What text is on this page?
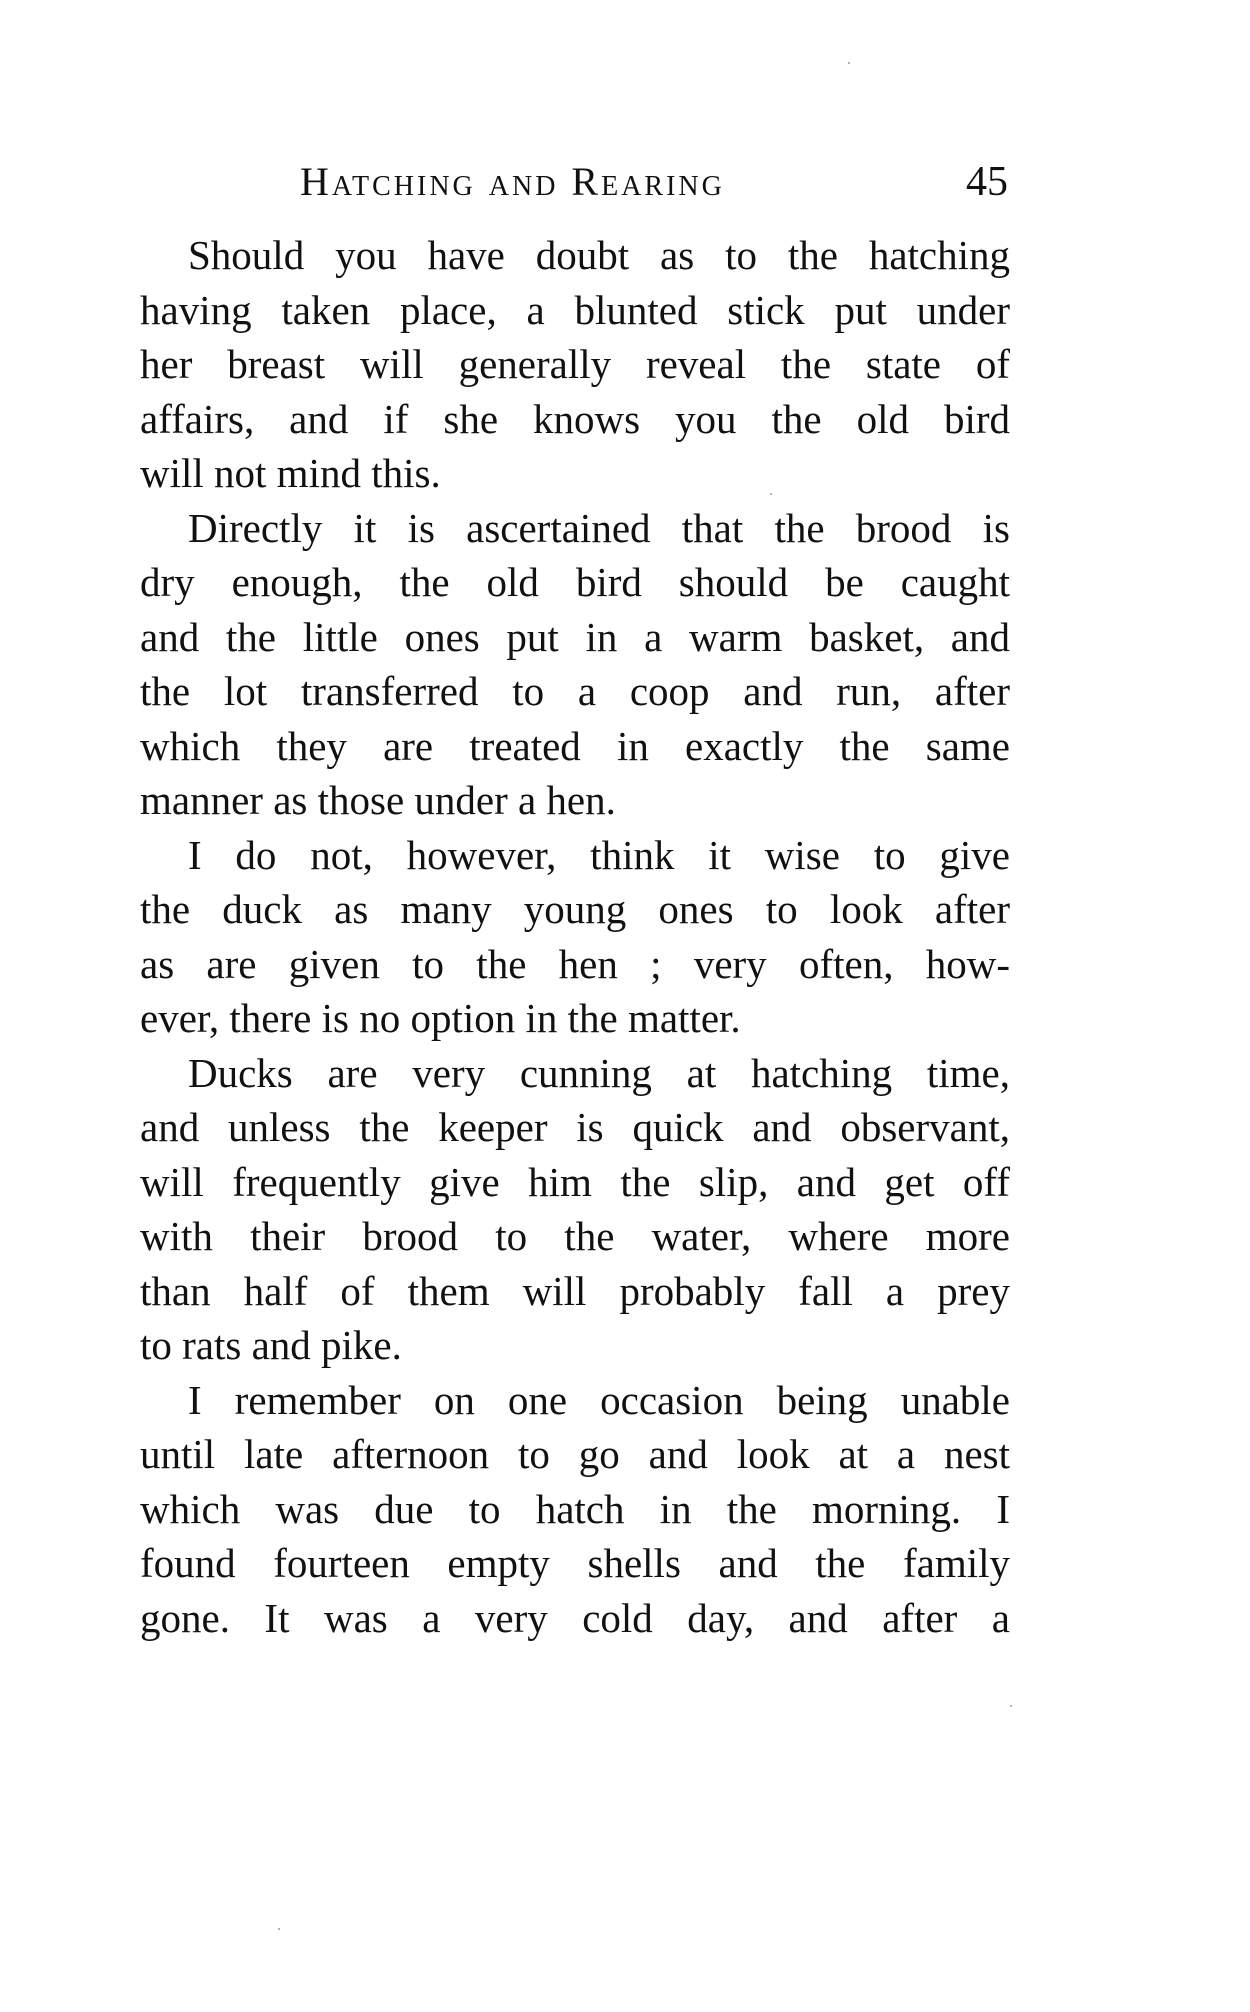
Hatching and Rearing	45
Should you have doubt as to the hatching
having taken place, a blunted stick put under
her breast will generally reveal the state of
affairs, and if she knows you the old bird
will not mind this.
Directly it is ascertained that the brood is
dry enough, the old bird should be caught
and the little ones put in a warm basket, and
the lot transferred to a coop and run, after
which they are treated in exactly the same
manner as those under a hen.
I do not, however, think it wise to give
the duck as many young ones to look after
as are given to the hen ; very often, how-
ever, there is no option in the matter.
Ducks are very cunning at hatching time,
and unless the keeper is quick and observant,
will frequently give him the slip, and get off
with their brood to the water, where more
than half of them will probably fall a prey
to rats and pike.
I remember on one occasion being unable
until late afternoon to go and look at a nest
which was due to hatch in the morning. I
found fourteen empty shells and the family
gone. It was a very cold day, and after a
